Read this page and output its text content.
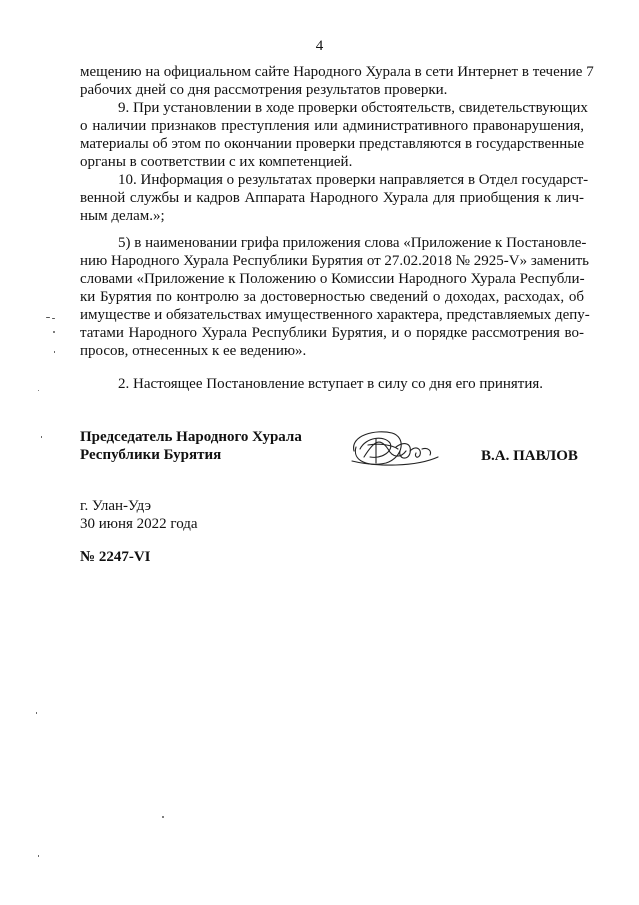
4
мещению на официальном сайте Народного Хурала в сети Интернет в течение 7
рабочих дней со дня рассмотрения результатов проверки.
9. При установлении в ходе проверки обстоятельств, свидетельствующих
о наличии признаков преступления или административного правонарушения,
материалы об этом по окончании проверки представляются в государственные
органы в соответствии с их компетенцией.
10. Информация о результатах проверки направляется в Отдел государст-
венной службы и кадров Аппарата Народного Хурала для приобщения к лич-
ным делам.»;
5) в наименовании грифа приложения слова «Приложение к Постановле-
нию Народного Хурала Республики Бурятия от 27.02.2018 № 2925-V» заменить
словами «Приложение к Положению о Комиссии Народного Хурала Республи-
ки Бурятия по контролю за достоверностью сведений о доходах, расходах, об
имуществе и обязательствах имущественного характера, представляемых депу-
татами Народного Хурала Республики Бурятия, и о порядке рассмотрения во-
просов, отнесенных к ее ведению».
2. Настоящее Постановление вступает в силу со дня его принятия.
Председатель Народного Хурала
Республики Бурятия	В.А. ПАВЛОВ
г. Улан-Удэ
30 июня 2022 года
№ 2247-VI
